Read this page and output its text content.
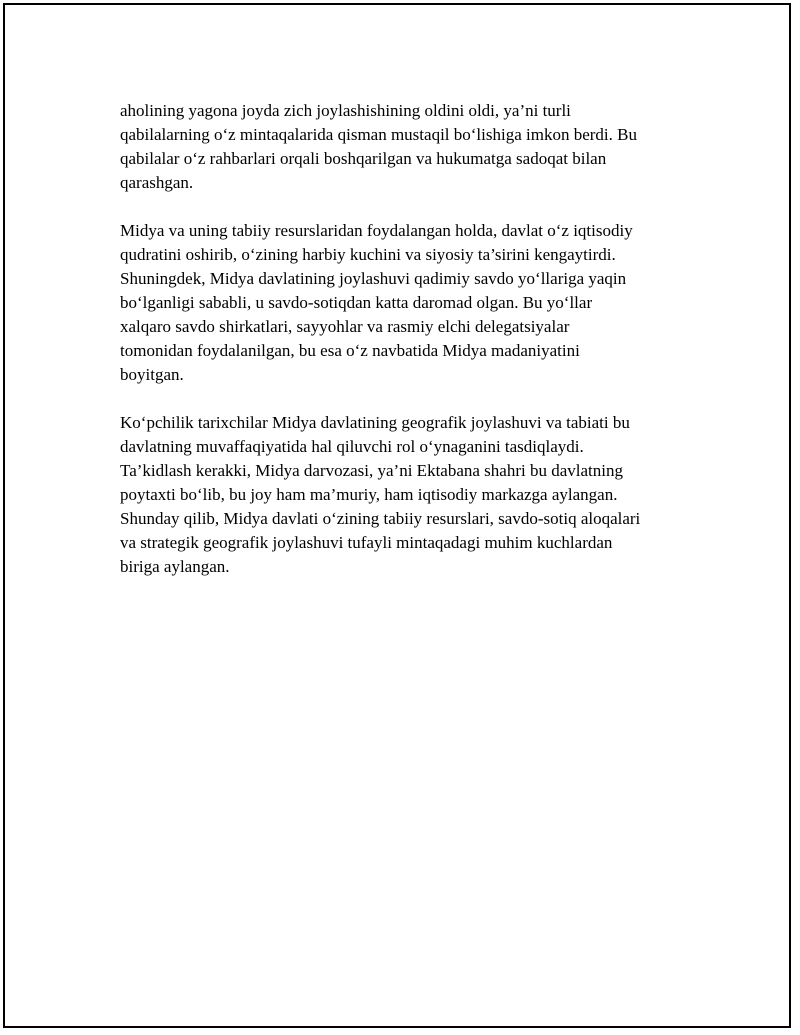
aholining yagona joyda zich joylashishining oldini oldi, ya’ni turli
qabilalarning o‘z mintaqalarida qisman mustaqil bo‘lishiga imkon berdi. Bu
qabilalar o‘z rahbarlari orqali boshqarilgan va hukumatga sadoqat bilan
qarashgan.

Midya va uning tabiiy resurslaridan foydalangan holda, davlat o‘z iqtisodiy
qudratini oshirib, o‘zining harbiy kuchini va siyosiy ta’sirini kengaytirdi.
Shuningdek, Midya davlatining joylashuvi qadimiy savdo yo‘llariga yaqin
bo‘lganligi sababli, u savdo-sotiqdan katta daromad olgan. Bu yo‘llar
xalqaro savdo shirkatlari, sayyohlar va rasmiy elchi delegatsiyalar
tomonidan foydalanilgan, bu esa o‘z navbatida Midya madaniyatini
boyitgan.

Ko‘pchilik tarixchilar Midya davlatining geografik joylashuvi va tabiati bu
davlatning muvaffaqiyatida hal qiluvchi rol o‘ynaganini tasdiqlaydi.
Ta’kidlash kerakki, Midya darvozasi, ya’ni Ektabana shahri bu davlatning
poytaxti bo‘lib, bu joy ham ma’muriy, ham iqtisodiy markazga aylangan.
Shunday qilib, Midya davlati o‘zining tabiiy resurslari, savdo-sotiq aloqalari
va strategik geografik joylashuvi tufayli mintaqadagi muhim kuchlardan
biriga aylangan.
